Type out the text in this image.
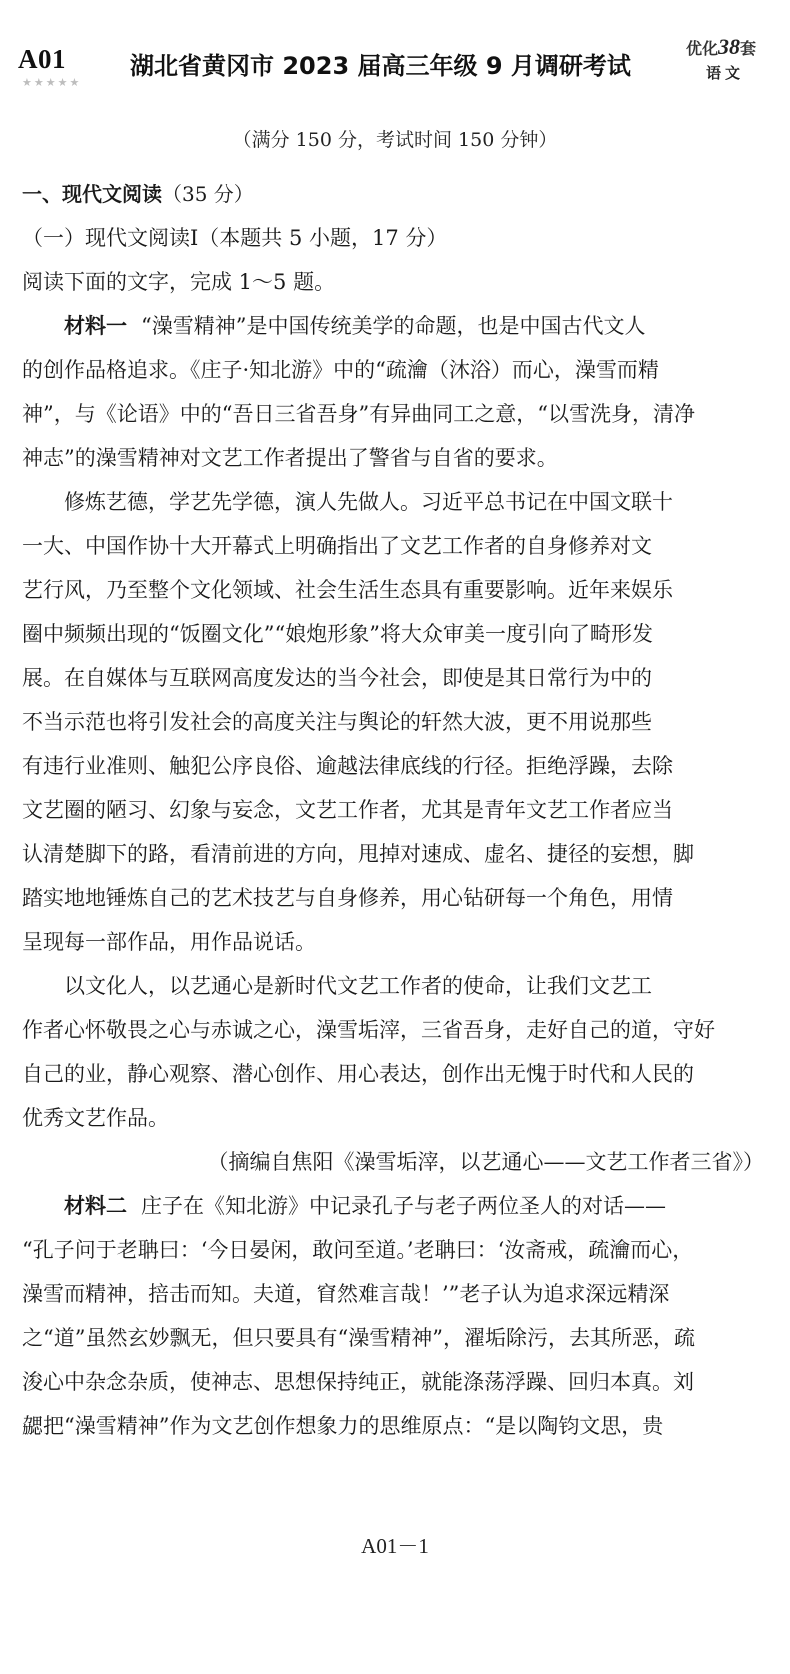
A01
★★★★★
湖北省黄冈市 2023 届高三年级 9 月调研考试
优化38套
语文
（满分 150 分，考试时间 150 分钟）
一、现代文阅读（35 分）
（一）现代文阅读Ⅰ（本题共 5 小题，17 分）
阅读下面的文字，完成 1～5 题。
材料一 “澡雪精神”是中国传统美学的命题，也是中国古代文人
的创作品格追求。《庄子·知北游》中的“疏瀹（沐浴）而心，澡雪而精
神”，与《论语》中的“吾日三省吾身”有异曲同工之意，“以雪洗身，清净
神志”的澡雪精神对文艺工作者提出了警省与自省的要求。
修炼艺德，学艺先学德，演人先做人。习近平总书记在中国文联十
一大、中国作协十大开幕式上明确指出了文艺工作者的自身修养对文
艺行风，乃至整个文化领域、社会生活生态具有重要影响。近年来娱乐
圈中频频出现的“饭圈文化”“娘炮形象”将大众审美一度引向了畸形发
展。在自媒体与互联网高度发达的当今社会，即使是其日常行为中的
不当示范也将引发社会的高度关注与舆论的轩然大波，更不用说那些
有违行业准则、触犯公序良俗、逾越法律底线的行径。拒绝浮躁，去除
文艺圈的陋习、幻象与妄念，文艺工作者，尤其是青年文艺工作者应当
认清楚脚下的路，看清前进的方向，甩掉对速成、虚名、捷径的妄想，脚
踏实地地锤炼自己的艺术技艺与自身修养，用心钻研每一个角色，用情
呈现每一部作品，用作品说话。
以文化人，以艺通心是新时代文艺工作者的使命，让我们文艺工
作者心怀敬畏之心与赤诚之心，澡雪垢滓，三省吾身，走好自己的道，守好
自己的业，静心观察、潜心创作、用心表达，创作出无愧于时代和人民的
优秀文艺作品。
（摘编自焦阳《澡雪垢滓，以艺通心——文艺工作者三省》）
材料二 庄子在《知北游》中记录孔子与老子两位圣人的对话——
“孔子问于老聃曰：‘今日晏闲，敢问至道。’老聃曰：‘汝斋戒，疏瀹而心，
澡雪而精神，掊击而知。夫道，窅然难言哉！’”老子认为追求深远精深
之“道”虽然玄妙飘无，但只要具有“澡雪精神”，濯垢除污，去其所恶，疏
浚心中杂念杂质，使神志、思想保持纯正，就能涤荡浮躁、回归本真。刘
勰把“澡雪精神”作为文艺创作想象力的思维原点：“是以陶钧文思，贵
A01－1
